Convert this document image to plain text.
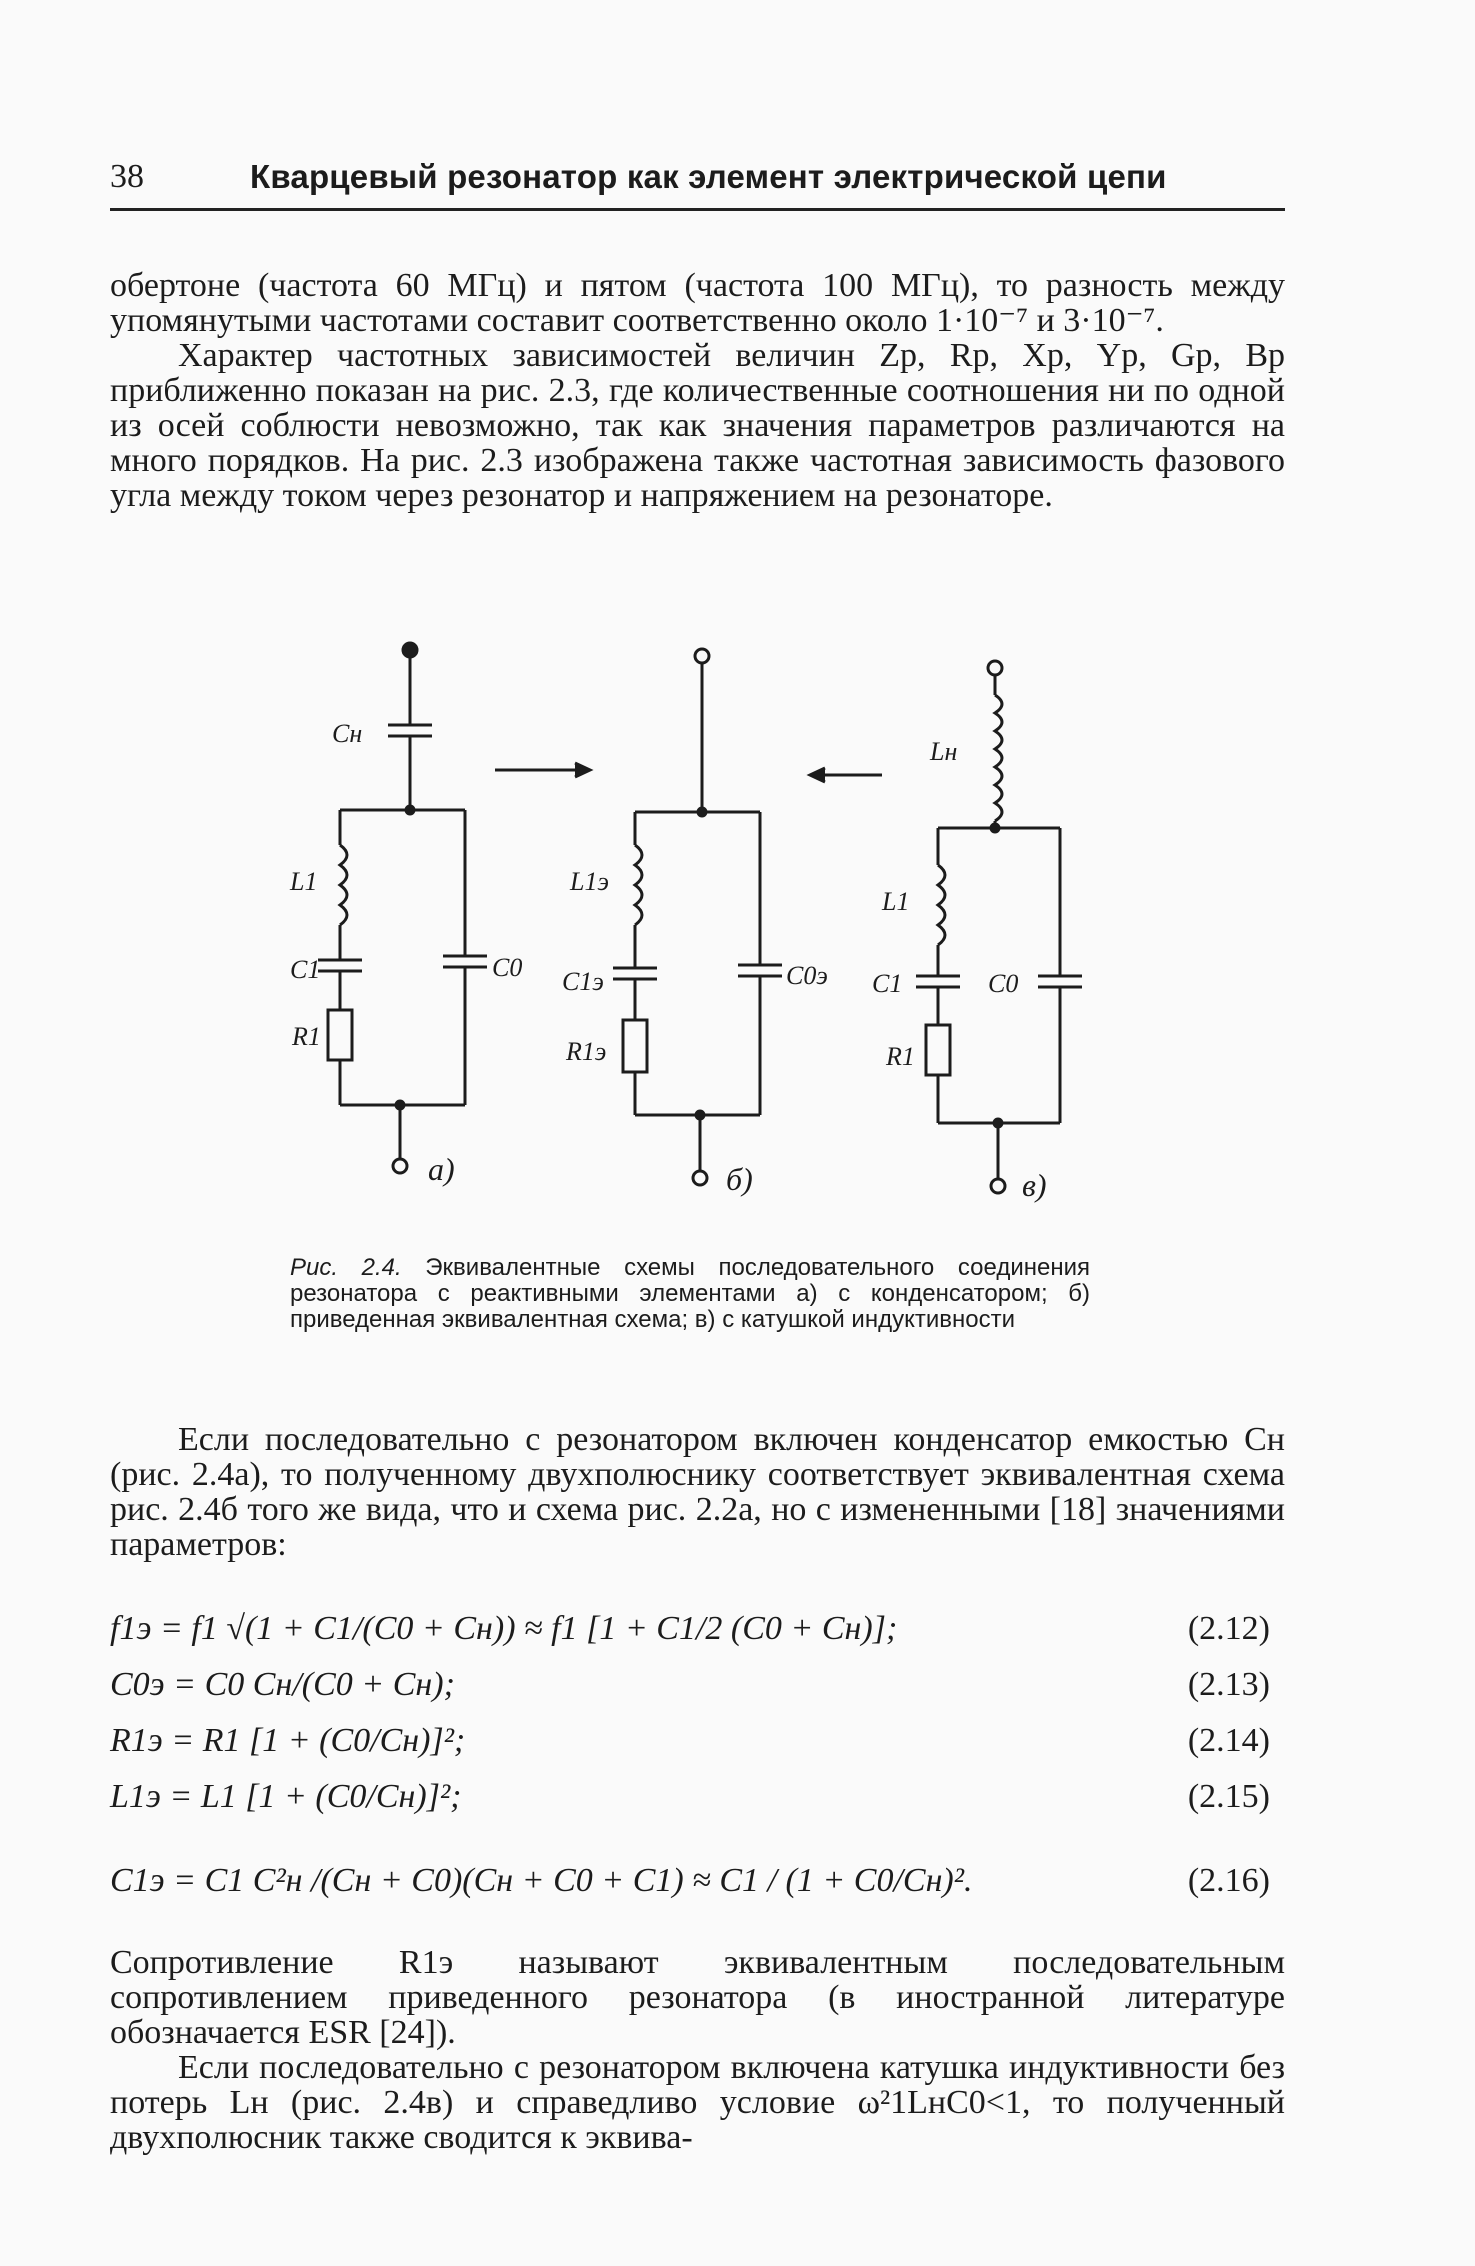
38	Кварцевый резонатор как элемент электрической цепи

обертоне (частота 60 МГц) и пятом (частота 100 МГц), то разность между упомянутыми частотами составит соответственно около 1·10⁻⁷ и 3·10⁻⁷.

Характер частотных зависимостей величин Zр, Rр, Xр, Yр, Gр, Bр приближенно показан на рис. 2.3, где количественные соотношения ни по одной из осей соблюсти невозможно, так как значения параметров различаются на много порядков. На рис. 2.3 изображена также частотная зависимость фазового угла между током через резонатор и напряжением на резонаторе.

Cн
L1
C1
R1
C0
а)
L1э
C1э
R1э
C0э
б)
Lн
L1
C1	C0
R1
в)
Рис. 2.4. Эквивалентные схемы последовательного соединения резонатора с реактивными элементами а) с конденсатором; б) приведенная эквивалентная схема; в) с катушкой индуктивности

Если последовательно с резонатором включен конденсатор емкостью Cн (рис. 2.4а), то полученному двухполюснику соответствует эквивалентная схема рис. 2.4б того же вида, что и схема рис. 2.2а, но с измененными [18] значениями параметров:

f1э = f1 √(1 + C1/(C0 + Cн)) ≈ f1 [1 + C1/2 (C0 + Cн)];	(2.12)
C0э = C0 Cн/(C0 + Cн);	(2.13)
R1э = R1 [1 + (C0/Cн)]²;	(2.14)
L1э = L1 [1 + (C0/Cн)]²;	(2.15)
C1э = C1 C²н /(Cн + C0)(Cн + C0 + C1) ≈ C1 / (1 + C0/Cн)².	(2.16)

Сопротивление R1э называют эквивалентным последовательным сопротивлением приведенного резонатора (в иностранной литературе обозначается ESR [24]).

Если последовательно с резонатором включена катушка индуктивности без потерь Lн (рис. 2.4в) и справедливо условие ω²1LнC0<1, то полученный двухполюсник также сводится к эквива-
